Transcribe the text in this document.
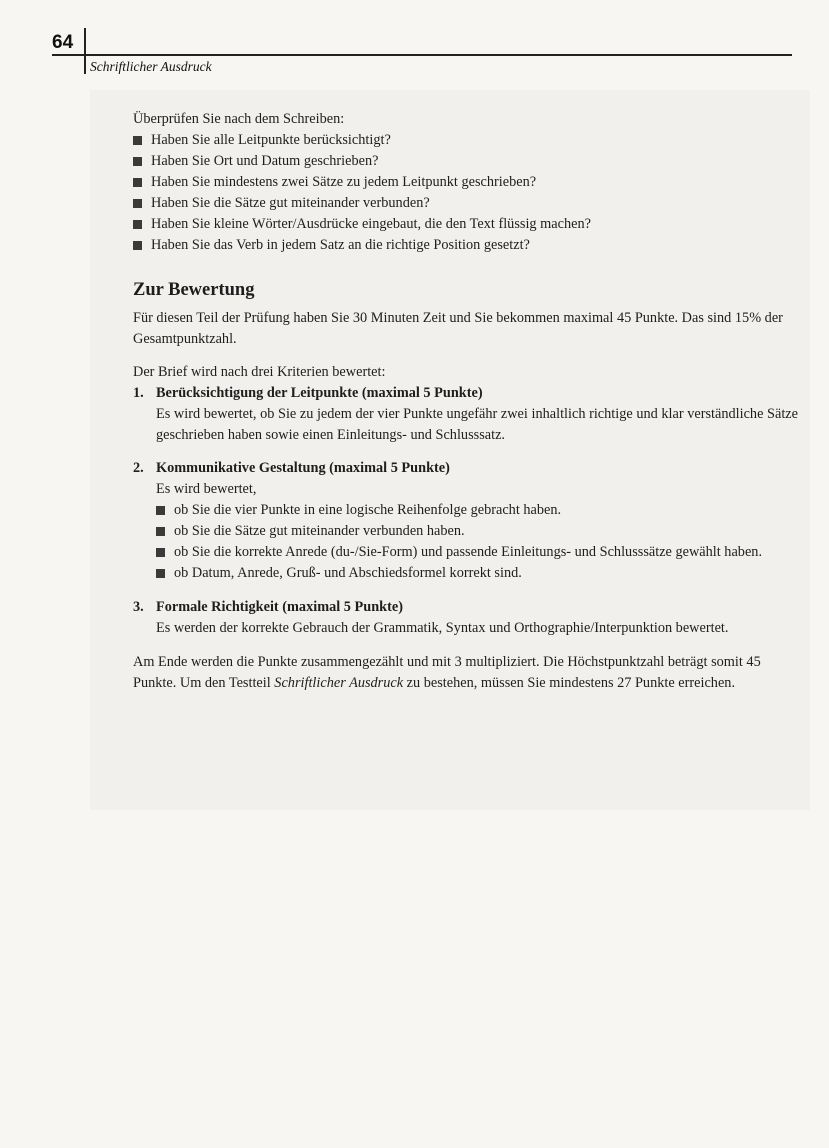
64
Schriftlicher Ausdruck

Überprüfen Sie nach dem Schreiben:

Haben Sie alle Leitpunkte berücksichtigt?
Haben Sie Ort und Datum geschrieben?
Haben Sie mindestens zwei Sätze zu jedem Leitpunkt geschrieben?
Haben Sie die Sätze gut miteinander verbunden?
Haben Sie kleine Wörter/Ausdrücke eingebaut, die den Text flüssig machen?
Haben Sie das Verb in jedem Satz an die richtige Position gesetzt?
Zur Bewertung

Für diesen Teil der Prüfung haben Sie 30 Minuten Zeit und Sie bekommen maximal 45 Punkte. Das sind 15% der Gesamtpunktzahl.

Der Brief wird nach drei Kriterien bewertet:

1. Berücksichtigung der Leitpunkte (maximal 5 Punkte)
Es wird bewertet, ob Sie zu jedem der vier Punkte ungefähr zwei inhaltlich richtige und klar verständliche Sätze geschrieben haben sowie einen Einleitungs- und Schlusssatz.
2. Kommunikative Gestaltung (maximal 5 Punkte)
Es wird bewertet,
ob Sie die vier Punkte in eine logische Reihenfolge gebracht haben.
ob Sie die Sätze gut miteinander verbunden haben.
ob Sie die korrekte Anrede (du-/Sie-Form) und passende Einleitungs- und Schlusssätze gewählt haben.
ob Datum, Anrede, Gruß- und Abschiedsformel korrekt sind.
3. Formale Richtigkeit (maximal 5 Punkte)
Es werden der korrekte Gebrauch der Grammatik, Syntax und Orthographie/Interpunktion bewertet.

Am Ende werden die Punkte zusammengezählt und mit 3 multipliziert. Die Höchstpunktzahl beträgt somit 45 Punkte. Um den Testteil Schriftlicher Ausdruck zu bestehen, müssen Sie mindestens 27 Punkte erreichen.
